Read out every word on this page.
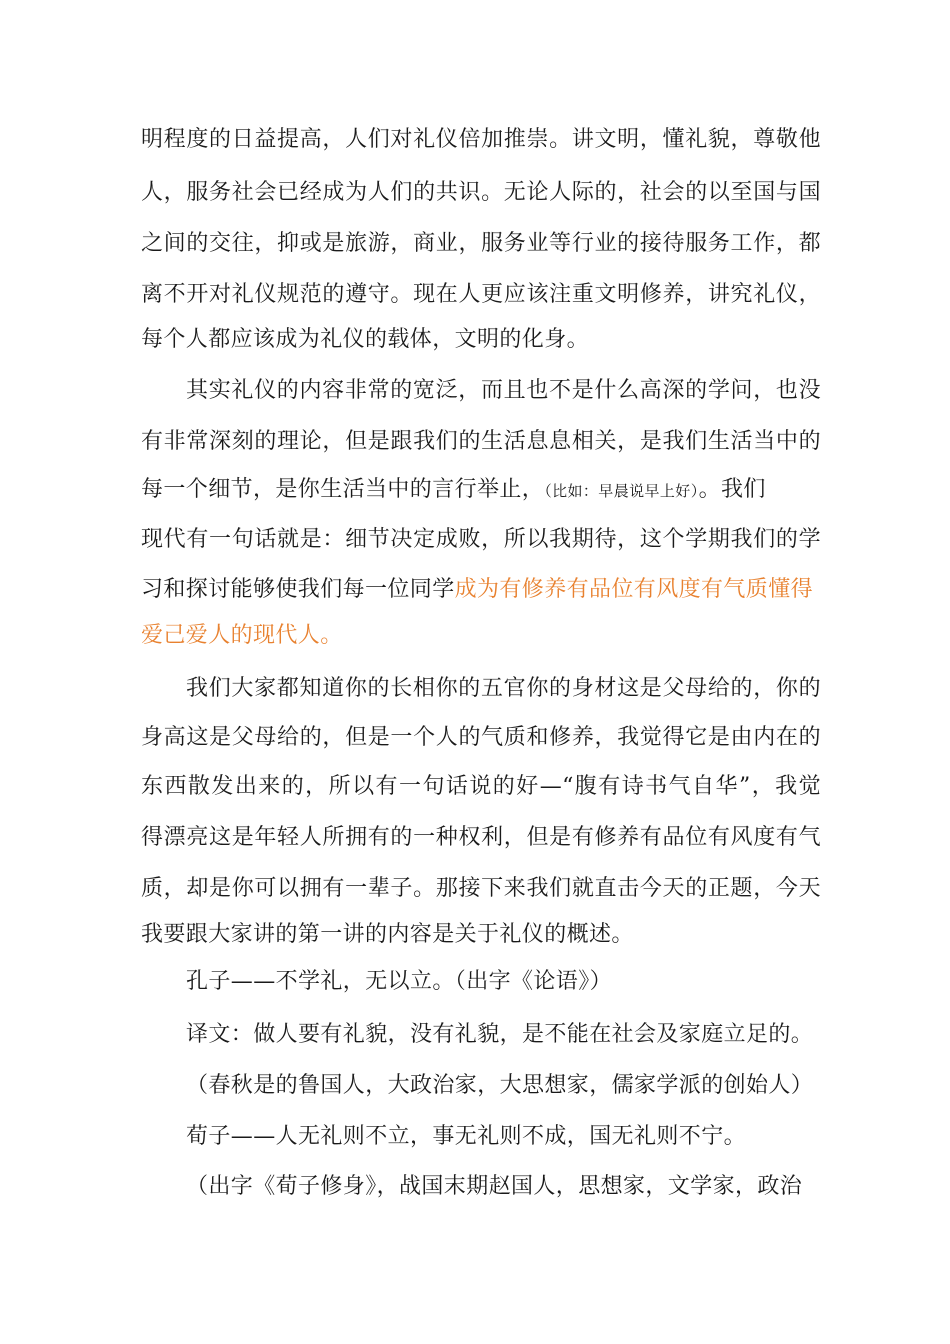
明程度的日益提高，人们对礼仪倍加推崇。讲文明，懂礼貌，尊敬他
人，服务社会已经成为人们的共识。无论人际的，社会的以至国与国
之间的交往，抑或是旅游，商业，服务业等行业的接待服务工作，都
离不开对礼仪规范的遵守。现在人更应该注重文明修养，讲究礼仪，
每个人都应该成为礼仪的载体，文明的化身。
其实礼仪的内容非常的宽泛，而且也不是什么高深的学问，也没
有非常深刻的理论，但是跟我们的生活息息相关，是我们生活当中的
每一个细节，是你生活当中的言行举止，（比如：早晨说早上好）。我们
现代有一句话就是：细节决定成败，所以我期待，这个学期我们的学
习和探讨能够使我们每一位同学成为有修养有品位有风度有气质懂得
爱己爱人的现代人。
我们大家都知道你的长相你的五官你的身材这是父母给的，你的
身高这是父母给的，但是一个人的气质和修养，我觉得它是由内在的
东西散发出来的，所以有一句话说的好—“腹有诗书气自华”，我觉
得漂亮这是年轻人所拥有的一种权利，但是有修养有品位有风度有气
质，却是你可以拥有一辈子。那接下来我们就直击今天的正题，今天
我要跟大家讲的第一讲的内容是关于礼仪的概述。
孔子——不学礼，无以立。（出字《论语》）
译文：做人要有礼貌，没有礼貌，是不能在社会及家庭立足的。
（春秋是的鲁国人，大政治家，大思想家，儒家学派的创始人）
荀子——人无礼则不立，事无礼则不成，国无礼则不宁。
（出字《荀子修身》，战国末期赵国人，思想家，文学家，政治
